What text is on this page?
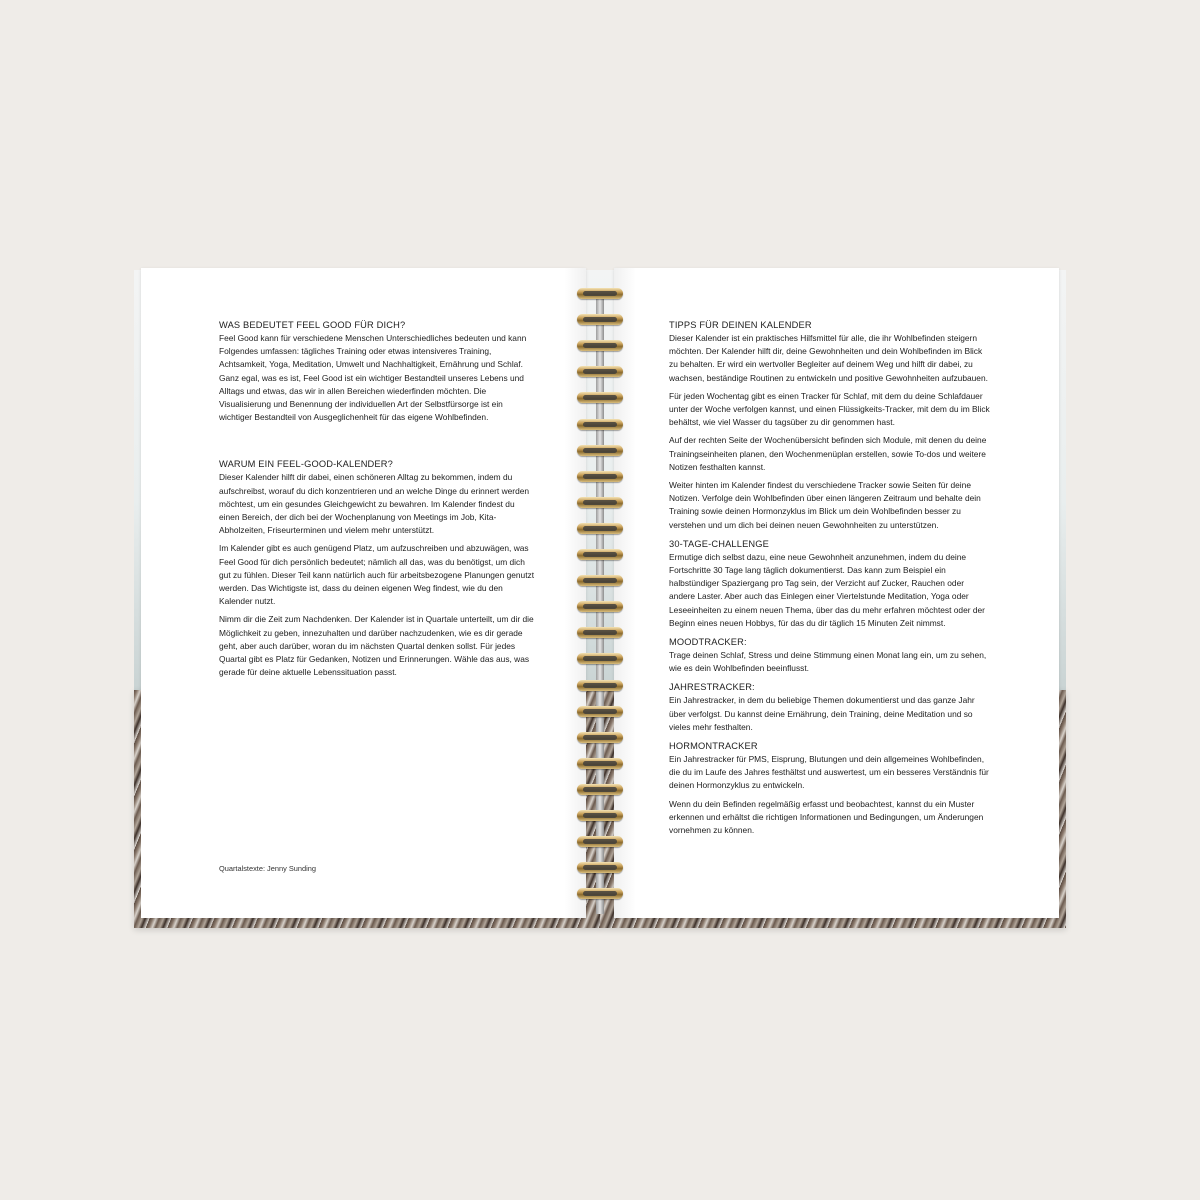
WAS BEDEUTET FEEL GOOD FÜR DICH?

Feel Good kann für verschiedene Menschen Unterschiedliches bedeuten und kann Folgendes umfassen: tägliches Training oder etwas intensiveres Training, Achtsamkeit, Yoga, Meditation, Umwelt und Nachhaltigkeit, Ernährung und Schlaf. Ganz egal, was es ist, Feel Good ist ein wichtiger Bestandteil unseres Lebens und Alltags und etwas, das wir in allen Bereichen wiederfinden möchten. Die Visualisierung und Benennung der individuellen Art der Selbstfürsorge ist ein wichtiger Bestandteil von Ausgeglichenheit für das eigene Wohlbefinden.

WARUM EIN FEEL-GOOD-KALENDER?

Dieser Kalender hilft dir dabei, einen schöneren Alltag zu bekommen, indem du aufschreibst, worauf du dich konzentrieren und an welche Dinge du erinnert werden möchtest, um ein gesundes Gleichgewicht zu bewahren. Im Kalender findest du einen Bereich, der dich bei der Wochenplanung von Meetings im Job, Kita-Abholzeiten, Friseurterminen und vielem mehr unterstützt.

Im Kalender gibt es auch genügend Platz, um aufzuschreiben und abzuwägen, was Feel Good für dich persönlich bedeutet; nämlich all das, was du benötigst, um dich gut zu fühlen. Dieser Teil kann natürlich auch für arbeitsbezogene Planungen genutzt werden. Das Wichtigste ist, dass du deinen eigenen Weg findest, wie du den Kalender nutzt.

Nimm dir die Zeit zum Nachdenken. Der Kalender ist in Quartale unterteilt, um dir die Möglichkeit zu geben, innezuhalten und darüber nachzudenken, wie es dir gerade geht, aber auch darüber, woran du im nächsten Quartal denken sollst. Für jedes Quartal gibt es Platz für Gedanken, Notizen und Erinnerungen. Wähle das aus, was gerade für deine aktuelle Lebenssituation passt.

Quartalstexte: Jenny Sunding
TIPPS FÜR DEINEN KALENDER

Dieser Kalender ist ein praktisches Hilfsmittel für alle, die ihr Wohlbefinden steigern möchten. Der Kalender hilft dir, deine Gewohnheiten und dein Wohlbefinden im Blick zu behalten. Er wird ein wertvoller Begleiter auf deinem Weg und hilft dir dabei, zu wachsen, beständige Routinen zu entwickeln und positive Gewohnheiten aufzubauen.

Für jeden Wochentag gibt es einen Tracker für Schlaf, mit dem du deine Schlafdauer unter der Woche verfolgen kannst, und einen Flüssigkeits-Tracker, mit dem du im Blick behältst, wie viel Wasser du tagsüber zu dir genommen hast.

Auf der rechten Seite der Wochenübersicht befinden sich Module, mit denen du deine Trainingseinheiten planen, den Wochenmenüplan erstellen, sowie To-dos und weitere Notizen festhalten kannst.

Weiter hinten im Kalender findest du verschiedene Tracker sowie Seiten für deine Notizen. Verfolge dein Wohlbefinden über einen längeren Zeitraum und behalte dein Training sowie deinen Hormonzyklus im Blick um dein Wohlbefinden besser zu verstehen und um dich bei deinen neuen Gewohnheiten zu unterstützen.

30-TAGE-CHALLENGE

Ermutige dich selbst dazu, eine neue Gewohnheit anzunehmen, indem du deine Fortschritte 30 Tage lang täglich dokumentierst. Das kann zum Beispiel ein halbstündiger Spaziergang pro Tag sein, der Verzicht auf Zucker, Rauchen oder andere Laster. Aber auch das Einlegen einer Viertelstunde Meditation, Yoga oder Leseeinheiten zu einem neuen Thema, über das du mehr erfahren möchtest oder der Beginn eines neuen Hobbys, für das du dir täglich 15 Minuten Zeit nimmst.

MOODTRACKER:

Trage deinen Schlaf, Stress und deine Stimmung einen Monat lang ein, um zu sehen, wie es dein Wohlbefinden beeinflusst.

JAHRESTRACKER:

Ein Jahrestracker, in dem du beliebige Themen dokumentierst und das ganze Jahr über verfolgst. Du kannst deine Ernährung, dein Training, deine Meditation und so vieles mehr festhalten.

HORMONTRACKER

Ein Jahrestracker für PMS, Eisprung, Blutungen und dein allgemeines Wohlbefinden, die du im Laufe des Jahres festhältst und auswertest, um ein besseres Verständnis für deinen Hormonzyklus zu entwickeln.

Wenn du dein Befinden regelmäßig erfasst und beobachtest, kannst du ein Muster erkennen und erhältst die richtigen Informationen und Bedingungen, um Änderungen vornehmen zu können.
